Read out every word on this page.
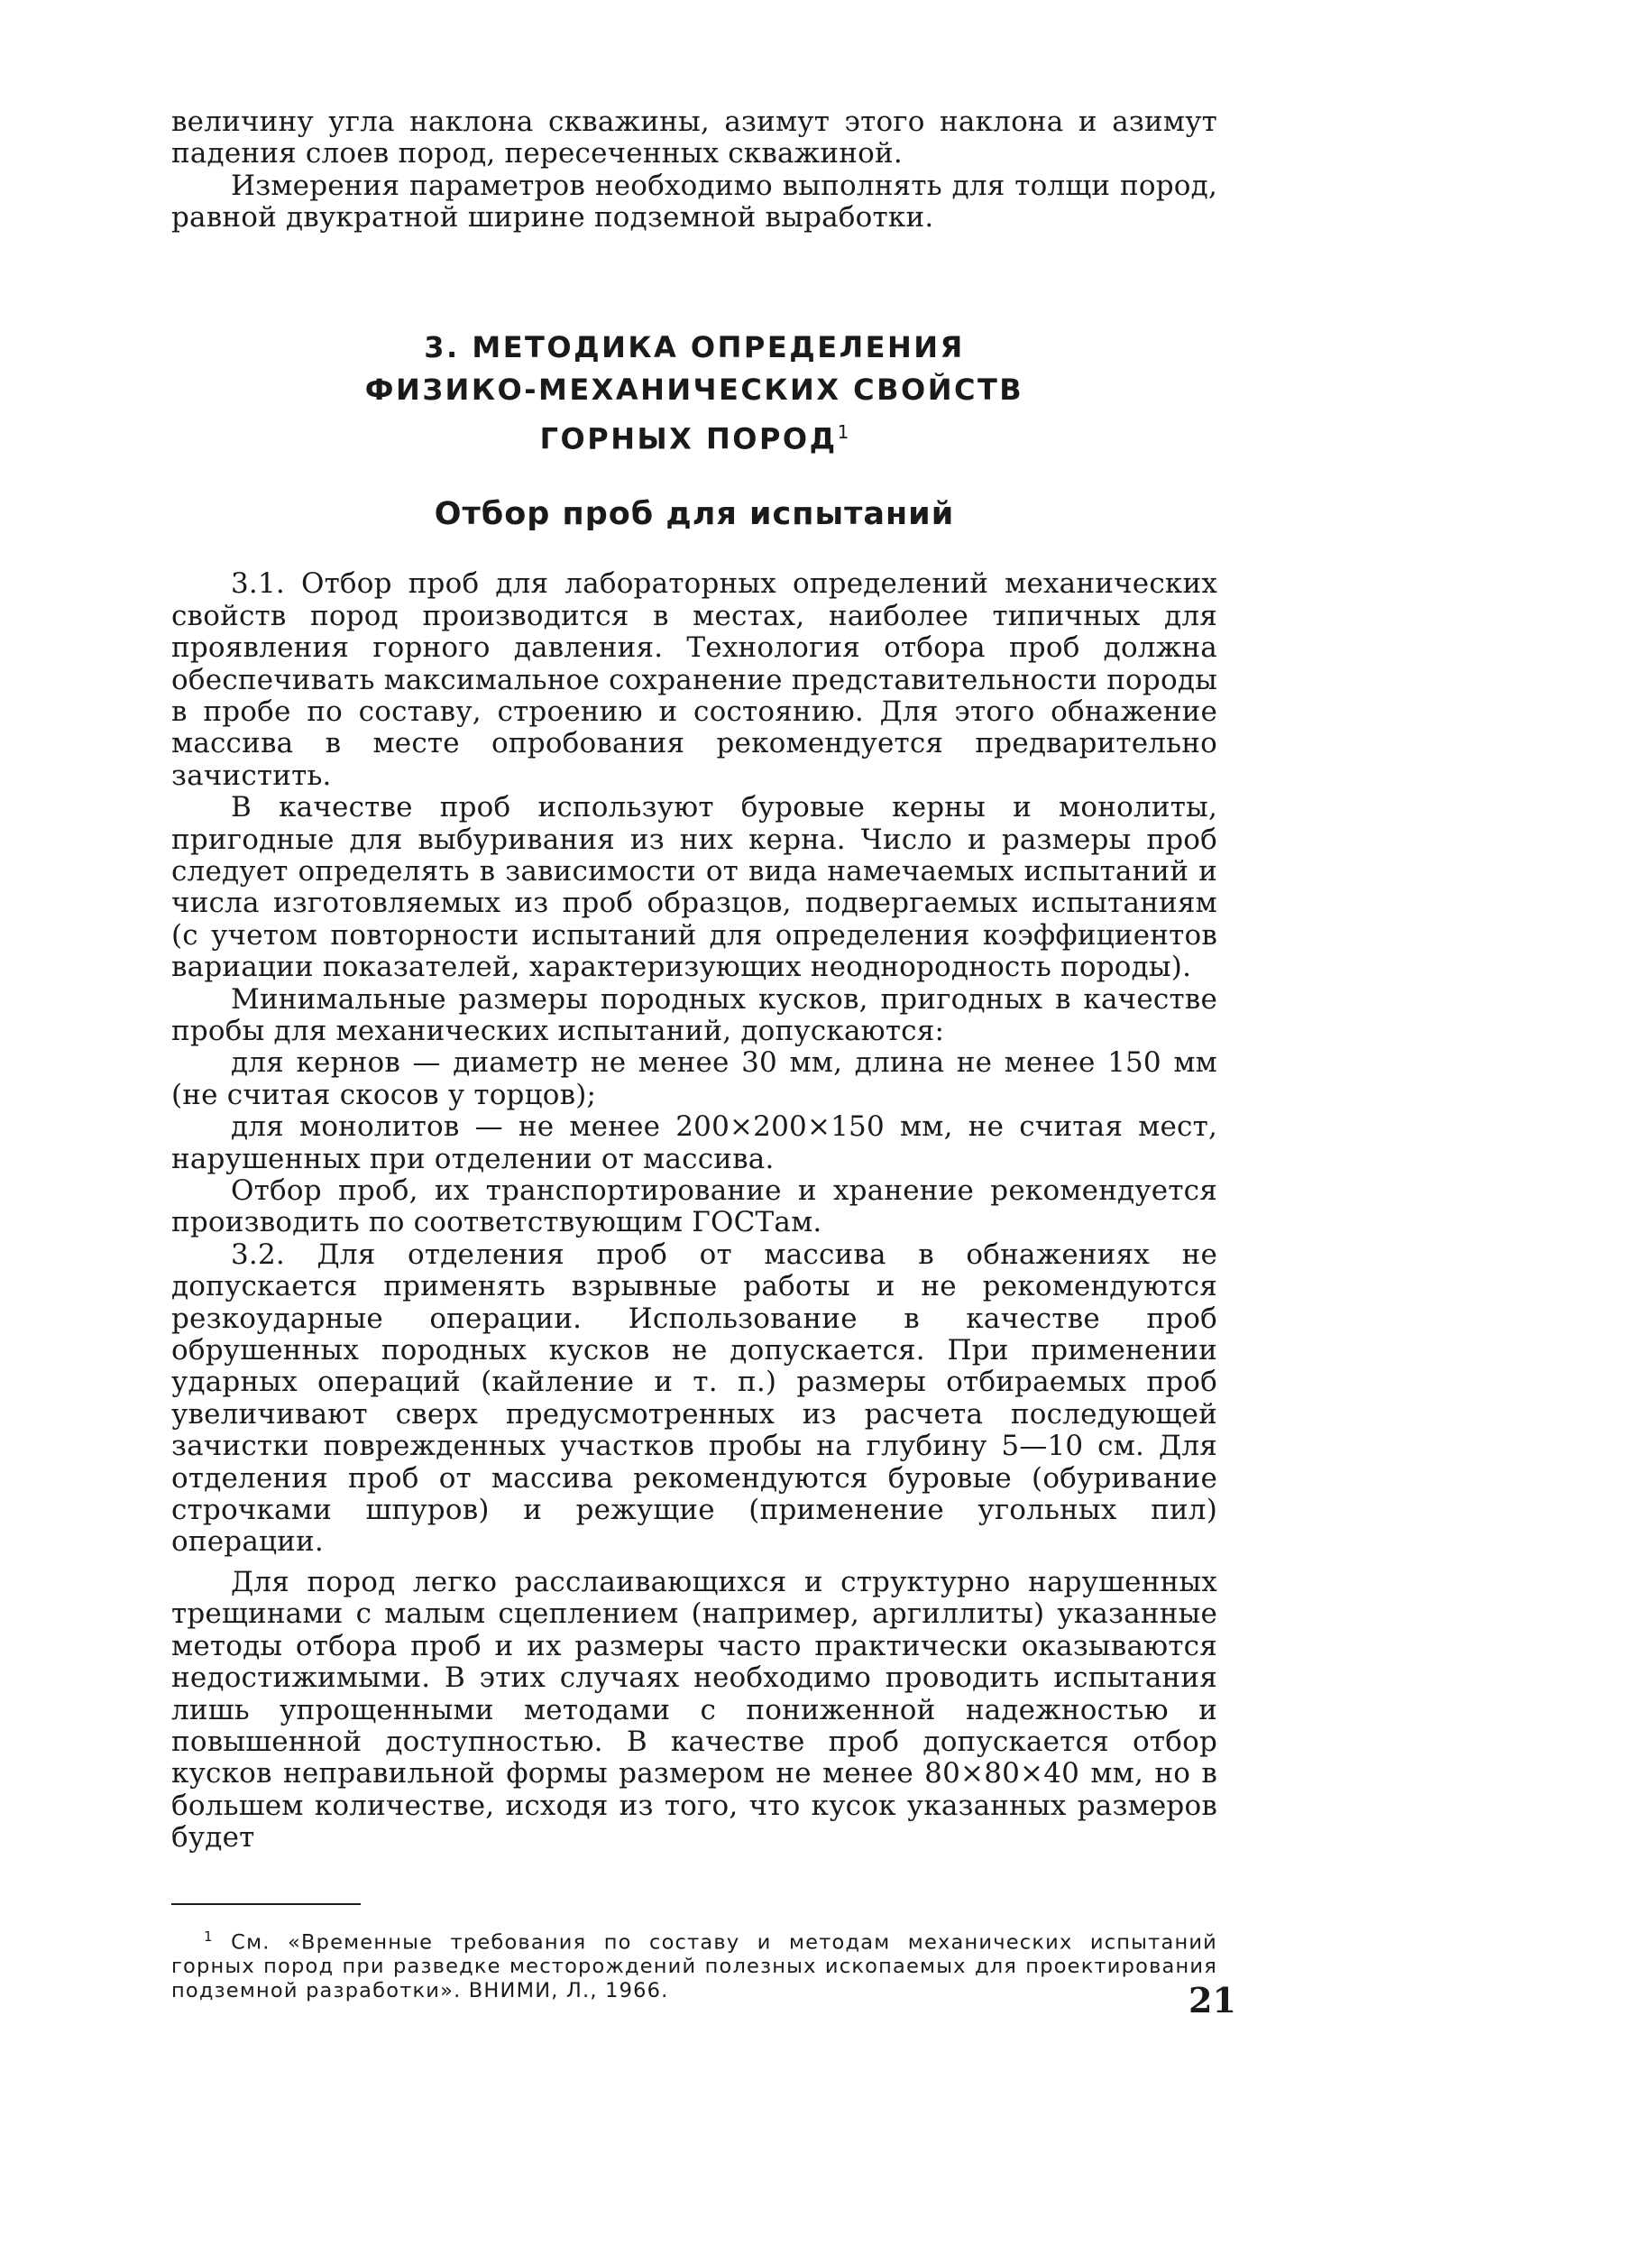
величину угла наклона скважины, азимут этого наклона и азимут падения слоев пород, пересеченных скважиной.

Измерения параметров необходимо выполнять для толщи пород, равной двукратной ширине подземной выработки.

3. МЕТОДИКА ОПРЕДЕЛЕНИЯ
ФИЗИКО-МЕХАНИЧЕСКИХ СВОЙСТВ
ГОРНЫХ ПОРОД$^1$
Отбор проб для испытаний

3.1. Отбор проб для лабораторных определений механических свойств пород производится в местах, наиболее типичных для проявления горного давления. Технология отбора проб должна обеспечивать максимальное сохранение представительности породы в пробе по составу, строению и состоянию. Для этого обнажение массива в месте опробования рекомендуется предварительно зачистить.

В качестве проб используют буровые керны и монолиты, пригодные для выбуривания из них керна. Число и размеры проб следует определять в зависимости от вида намечаемых испытаний и числа изготовляемых из проб образцов, подвергаемых испытаниям (с учетом повторности испытаний для определения коэффициентов вариации показателей, характеризующих неоднородность породы).

Минимальные размеры породных кусков, пригодных в качестве пробы для механических испытаний, допускаются:

для кернов — диаметр не менее 30 мм, длина не менее 150 мм (не считая скосов у торцов);

для монолитов — не менее 200×200×150 мм, не считая мест, нарушенных при отделении от массива.

Отбор проб, их транспортирование и хранение рекомендуется производить по соответствующим ГОСТам.

3.2. Для отделения проб от массива в обнажениях не допускается применять взрывные работы и не рекомендуются резкоударные операции. Использование в качестве проб обрушенных породных кусков не допускается. При применении ударных операций (кайление и т. п.) размеры отбираемых проб увеличивают сверх предусмотренных из расчета последующей зачистки поврежденных участков пробы на глубину 5—10 см. Для отделения проб от массива рекомендуются буровые (обуривание строчками шпуров) и режущие (применение угольных пил) операции.

Для пород легко расслаивающихся и структурно нарушенных трещинами с малым сцеплением (например, аргиллиты) указанные методы отбора проб и их размеры часто практически оказываются недостижимыми. В этих случаях необходимо проводить испытания лишь упрощенными методами с пониженной надежностью и повышенной доступностью. В качестве проб допускается отбор кусков неправильной формы размером не менее 80×80×40 мм, но в большем количестве, исходя из того, что кусок указанных размеров будет

$^1$ См. «Временные требования по составу и методам механических испытаний горных пород при разведке месторождений полезных ископаемых для проектирования подземной разработки». ВНИМИ, Л., 1966.	21
